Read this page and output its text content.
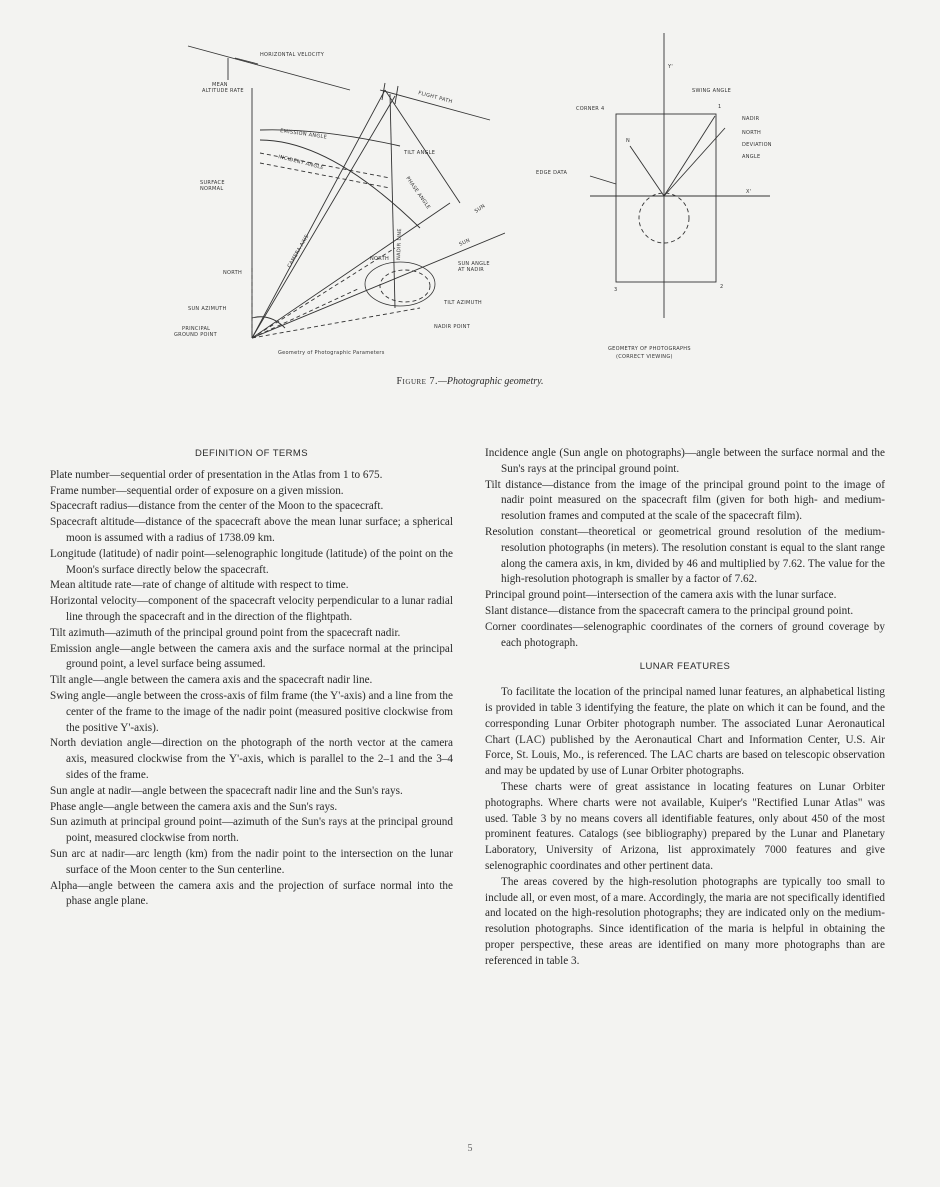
HORIZONTAL VELOCITY
MEAN
ALTITUDE RATE	FLIGHT PATH
EMISSION ANGLE
INCIDENT ANGLE
TILT ANGLE
SURFACE
NORMAL	PHASE ANGLE	SUN
SUN
CAMERA AXIS	NADIR LINE
NORTH
NORTH
SUN ANGLE
AT NADIR
SUN AZIMUTH
TILT AZIMUTH
PRINCIPAL
GROUND POINT
NADIR POINT
Geometry of Photographic Parameters
Y'
X'
CORNER 4	1
2
3
SWING ANGLE
NADIR
NORTH
DEVIATION
ANGLE
N
EDGE DATA
GEOMETRY OF PHOTOGRAPHS
(CORRECT VIEWING)
Figure 7.—Photographic geometry.
DEFINITION OF TERMS

Plate number—sequential order of presentation in the Atlas from 1 to 675.

Frame number—sequential order of exposure on a given mission.

Spacecraft radius—distance from the center of the Moon to the spacecraft.

Spacecraft altitude—distance of the spacecraft above the mean lunar surface; a spherical moon is assumed with a radius of 1738.09 km.

Longitude (latitude) of nadir point—selenographic longitude (latitude) of the point on the Moon's surface directly below the spacecraft.

Mean altitude rate—rate of change of altitude with respect to time.

Horizontal velocity—component of the spacecraft velocity perpendicular to a lunar radial line through the spacecraft and in the direction of the flightpath.

Tilt azimuth—azimuth of the principal ground point from the spacecraft nadir.

Emission angle—angle between the camera axis and the surface normal at the principal ground point, a level surface being assumed.

Tilt angle—angle between the camera axis and the spacecraft nadir line.

Swing angle—angle between the cross-axis of film frame (the Y'-axis) and a line from the center of the frame to the image of the nadir point (measured positive clockwise from the positive Y'-axis).

North deviation angle—direction on the photograph of the north vector at the camera axis, measured clockwise from the Y'-axis, which is parallel to the 2–1 and the 3–4 sides of the frame.

Sun angle at nadir—angle between the spacecraft nadir line and the Sun's rays.

Phase angle—angle between the camera axis and the Sun's rays.

Sun azimuth at principal ground point—azimuth of the Sun's rays at the principal ground point, measured clockwise from north.

Sun arc at nadir—arc length (km) from the nadir point to the intersection on the lunar surface of the Moon center to the Sun centerline.

Alpha—angle between the camera axis and the projection of surface normal into the phase angle plane.

Incidence angle (Sun angle on photographs)—angle between the surface normal and the Sun's rays at the principal ground point.

Tilt distance—distance from the image of the principal ground point to the image of nadir point measured on the spacecraft film (given for both high- and medium-resolution frames and computed at the scale of the spacecraft film).

Resolution constant—theoretical or geometrical ground resolution of the medium-resolution photographs (in meters). The resolution constant is equal to the slant range along the camera axis, in km, divided by 46 and multiplied by 7.62. The value for the high-resolution photograph is smaller by a factor of 7.62.

Principal ground point—intersection of the camera axis with the lunar surface.

Slant distance—distance from the spacecraft camera to the principal ground point.

Corner coordinates—selenographic coordinates of the corners of ground coverage by each photograph.

LUNAR FEATURES

To facilitate the location of the principal named lunar features, an alphabetical listing is provided in table 3 identifying the feature, the plate on which it can be found, and the corresponding Lunar Orbiter photograph number. The associated Lunar Aeronautical Chart (LAC) published by the Aeronautical Chart and Information Center, U.S. Air Force, St. Louis, Mo., is referenced. The LAC charts are based on telescopic observation and may be updated by use of Lunar Orbiter photographs.

These charts were of great assistance in locating features on Lunar Orbiter photographs. Where charts were not available, Kuiper's "Rectified Lunar Atlas" was used. Table 3 by no means covers all identifiable features, only about 450 of the most prominent features. Catalogs (see bibliography) prepared by the Lunar and Planetary Laboratory, University of Arizona, list approximately 7000 features and give selenographic coordinates and other pertinent data.

The areas covered by the high-resolution photographs are typically too small to include all, or even most, of a mare. Accordingly, the maria are not specifically identified and located on the high-resolution photographs; they are indicated only on the medium-resolution photographs. Since identification of the maria is helpful in obtaining the proper perspective, these areas are identified on many more photographs than are referenced in table 3.

5
